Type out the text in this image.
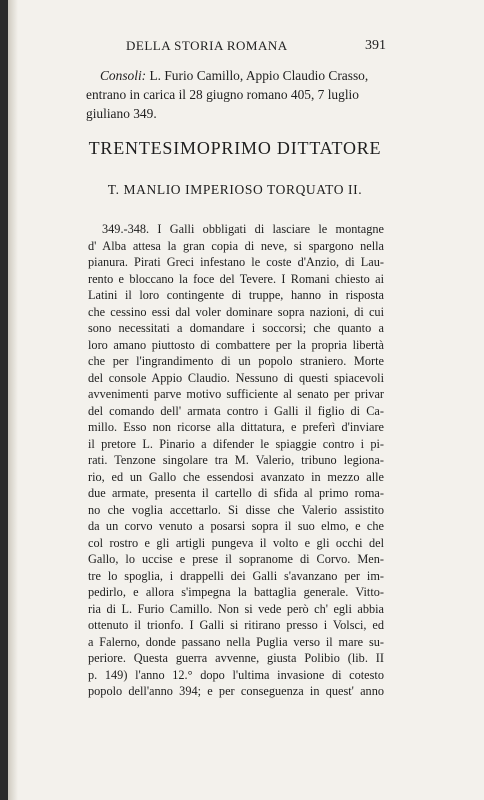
DELLA STORIA ROMANA	391
Consoli: L. Furio Camillo, Appio Claudio Crasso,
entrano in carica il 28 giugno romano 405, 7 luglio
giuliano 349.
TRENTESIMOPRIMO DITTATORE
T. MANLIO IMPERIOSO TORQUATO II.
349.-348. I Galli obbligati di lasciare le montagne
d' Alba attesa la gran copia di neve, si spargono nella
pianura. Pirati Greci infestano le coste d'Anzio, di Lau-
rento e bloccano la foce del Tevere. I Romani chiesto ai
Latini il loro contingente di truppe, hanno in risposta
che cessino essi dal voler dominare sopra nazioni, di cui
sono necessitati a domandare i soccorsi; che quanto a
loro amano piuttosto di combattere per la propria libertà
che per l'ingrandimento di un popolo straniero. Morte
del console Appio Claudio. Nessuno di questi spiacevoli
avvenimenti parve motivo sufficiente al senato per privar
del comando dell' armata contro i Galli il figlio di Ca-
millo. Esso non ricorse alla dittatura, e preferì d'inviare
il pretore L. Pinario a difender le spiaggie contro i pi-
rati. Tenzone singolare tra M. Valerio, tribuno legiona-
rio, ed un Gallo che essendosi avanzato in mezzo alle
due armate, presenta il cartello di sfida al primo roma-
no che voglia accettarlo. Si disse che Valerio assistito
da un corvo venuto a posarsi sopra il suo elmo, e che
col rostro e gli artigli pungeva il volto e gli occhi del
Gallo, lo uccise e prese il sopranome di Corvo. Men-
tre lo spoglia, i drappelli dei Galli s'avanzano per im-
pedirlo, e allora s'impegna la battaglia generale. Vitto-
ria di L. Furio Camillo. Non si vede però ch' egli abbia
ottenuto il trionfo. I Galli si ritirano presso i Volsci, ed
a Falerno, donde passano nella Puglia verso il mare su-
periore. Questa guerra avvenne, giusta Polibio (lib. II
p. 149) l'anno 12.° dopo l'ultima invasione di cotesto
popolo dell'anno 394; e per conseguenza in quest' anno
